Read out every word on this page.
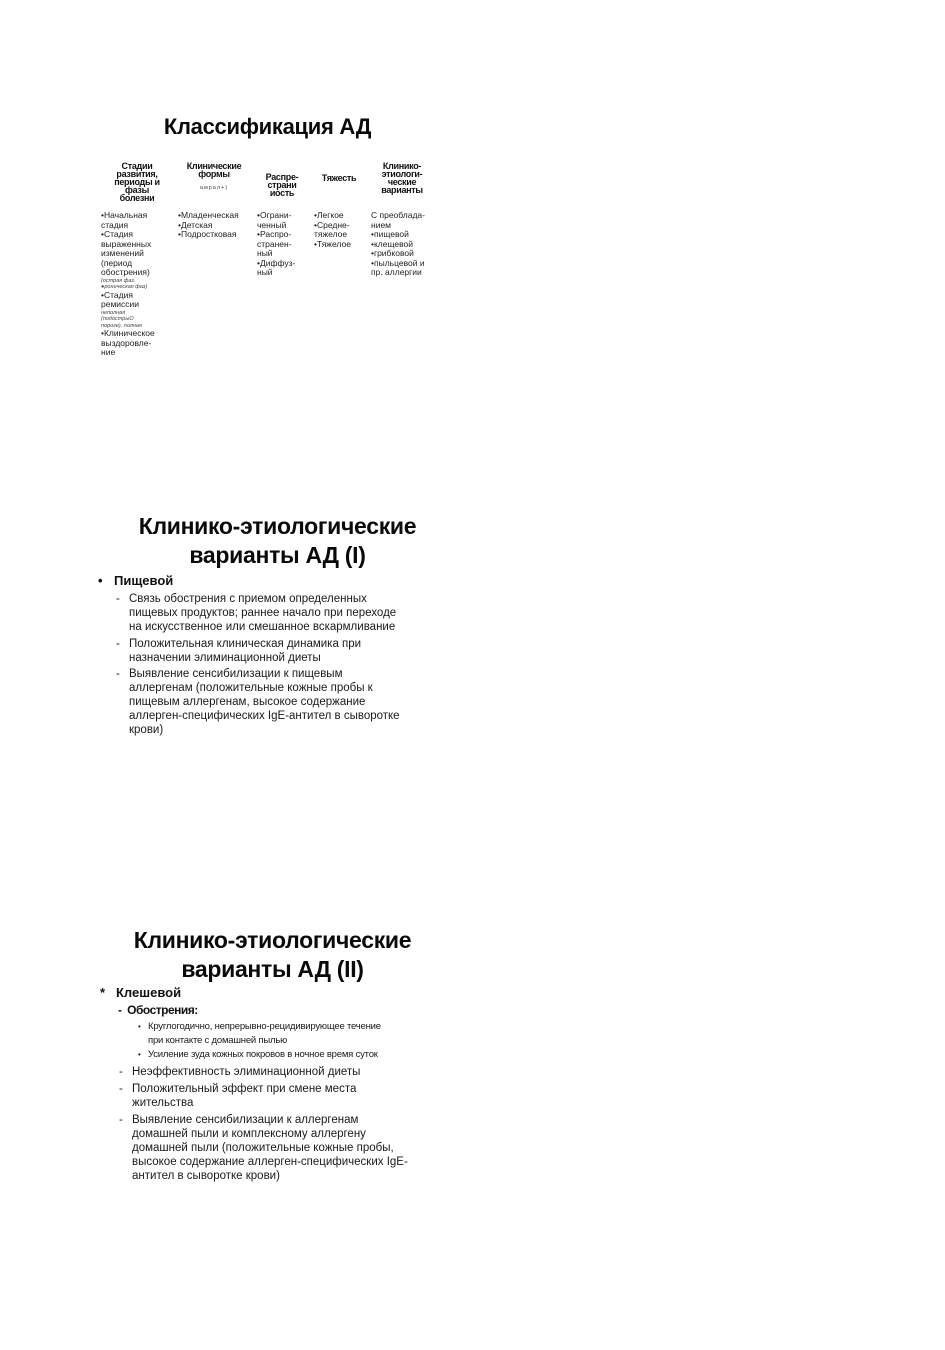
Классификация АД
Стадии
развития,
периоды и
фазы
болезни
Клинические
формы
амрал+)
Распре-
страни
иость
Тяжесть
Клинико-
этиологи-
ческие
варианты
•Начальная
стадия
•Стадия
выраженных
изменений
(период
обострения)
(острая фаз.
●роническая фаз)
•Стадия
ремиссии
неполная
(подострыО
пороге). полная
•Клиническое
выздоровле-
ние
•Младенческая
•Детская
•Подростковая
•Ограни-
ченный
•Распро-
странен-
ный
•Диффуз-
ный
•Легкое
•Средне-
тяжелое
•Тяжелое
С преоблада-
нием
•пищевой
•клещевой
•грибковой
•пыльцевой и
пр. аллергии
Клинико-этиологические
варианты АД (I)
• Пищевой
- Связь обострения с приемом определенных
пищевых продуктов; раннее начало при переходе
на искусственное или смешанное вскармливание
- Положительная клиническая динамика при
назначении элиминационной диеты
- Выявление сенсибилизации к пищевым
аллергенам (положительные кожные пробы к
пищевым аллергенам, высокое содержание
аллерген-специфических IgE-антител в сыворотке
крови)
Клинико-этиологические
варианты АД (II)
* Клешевой
-  Обострения:
• Круглогодично, непрерывно-рецидивирующее течение
при контакте с домашней пылью
• Усиление зуда кожных покровов в ночное время суток
- Неэффективность элиминационной диеты
- Положительный эффект при смене места
жительства
- Выявление сенсибилизации к аллергенам
домашней пыли и комплексному аллергену
домашней пыли (положительные кожные пробы,
высокое содержание аллерген-специфических IgE-
антител в сыворотке крови)
